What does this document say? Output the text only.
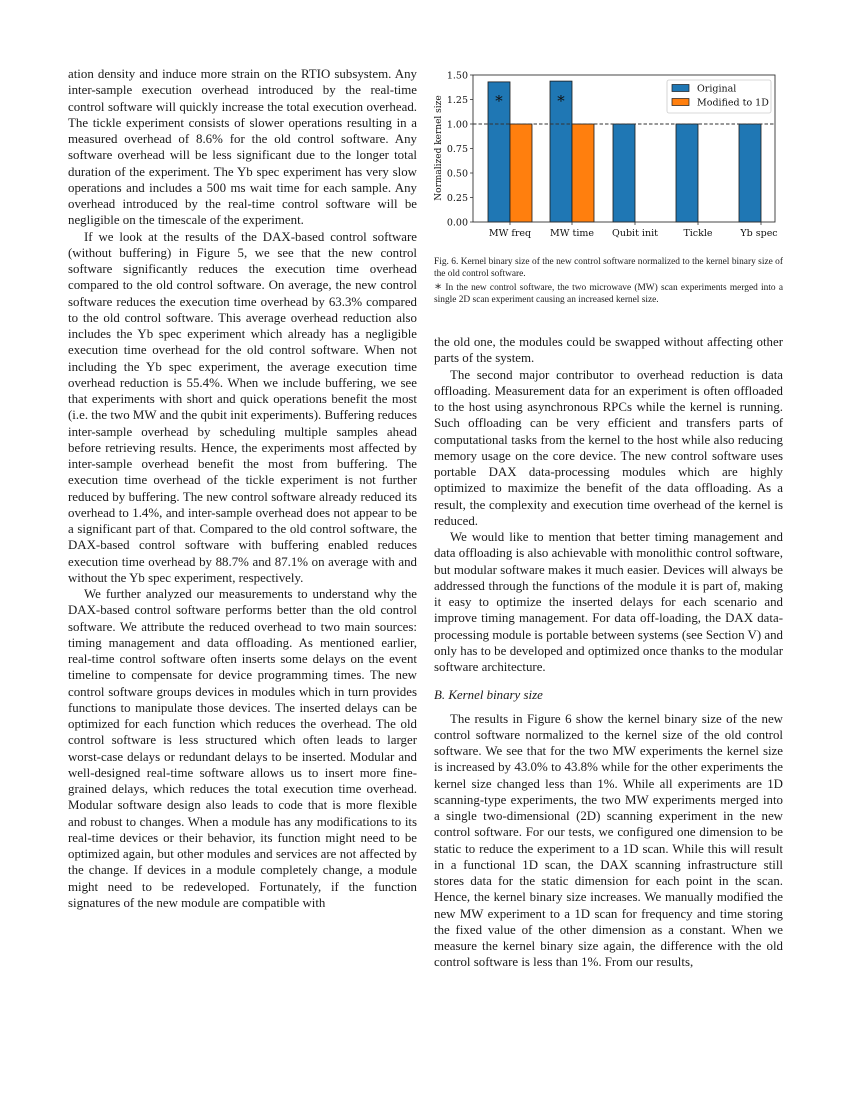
ation density and induce more strain on the RTIO subsystem. Any inter-sample execution overhead introduced by the real-time control software will quickly increase the total execution overhead. The tickle experiment consists of slower operations resulting in a measured overhead of 8.6% for the old control software. Any software overhead will be less significant due to the longer total duration of the experiment. The Yb spec experiment has very slow operations and includes a 500 ms wait time for each sample. Any overhead introduced by the real-time control software will be negligible on the timescale of the experiment.

If we look at the results of the DAX-based control software (without buffering) in Figure 5, we see that the new control software significantly reduces the execution time overhead compared to the old control software. On average, the new control software reduces the execution time overhead by 63.3% compared to the old control software. This average overhead reduction also includes the Yb spec experiment which already has a negligible execution time overhead for the old control software. When not including the Yb spec experiment, the average execution time overhead reduction is 55.4%. When we include buffering, we see that experiments with short and quick operations benefit the most (i.e. the two MW and the qubit init experiments). Buffering reduces inter-sample overhead by scheduling multiple samples ahead before retrieving results. Hence, the experiments most affected by inter-sample overhead benefit the most from buffering. The execution time overhead of the tickle experiment is not further reduced by buffering. The new control software already reduced its overhead to 1.4%, and inter-sample overhead does not appear to be a significant part of that. Compared to the old control software, the DAX-based control software with buffering enabled reduces execution time overhead by 88.7% and 87.1% on average with and without the Yb spec experiment, respectively.

We further analyzed our measurements to understand why the DAX-based control software performs better than the old control software. We attribute the reduced overhead to two main sources: timing management and data offloading. As mentioned earlier, real-time control software often inserts some delays on the event timeline to compensate for device programming times. The new control software groups devices in modules which in turn provides functions to manipulate those devices. The inserted delays can be optimized for each function which reduces the overhead. The old control software is less structured which often leads to larger worst-case delays or redundant delays to be inserted. Modular and well-designed real-time software allows us to insert more fine-grained delays, which reduces the total execution time overhead. Modular software design also leads to code that is more flexible and robust to changes. When a module has any modifications to its real-time devices or their behavior, its function might need to be optimized again, but other modules and services are not affected by the change. If devices in a module completely change, a module might need to be redeveloped. Fortunately, if the function signatures of the new module are compatible with

Normalized kernel size
0.00
0.25
0.50
0.75
1.00
1.25
1.50
∗	∗
MW freq MW time Qubit init	Tickle	Yb spec
Original
Modified to 1D

Fig. 6. Kernel binary size of the new control software normalized to the kernel binary size of the old control software.

∗ In the new control software, the two microwave (MW) scan experiments merged into a single 2D scan experiment causing an increased kernel size.

the old one, the modules could be swapped without affecting other parts of the system.

The second major contributor to overhead reduction is data offloading. Measurement data for an experiment is often offloaded to the host using asynchronous RPCs while the kernel is running. Such offloading can be very efficient and transfers parts of computational tasks from the kernel to the host while also reducing memory usage on the core device. The new control software uses portable DAX data-processing modules which are highly optimized to maximize the benefit of the data offloading. As a result, the complexity and execution time overhead of the kernel is reduced.

We would like to mention that better timing management and data offloading is also achievable with monolithic control software, but modular software makes it much easier. Devices will always be addressed through the functions of the module it is part of, making it easy to optimize the inserted delays for each scenario and improve timing management. For data off-loading, the DAX data-processing module is portable between systems (see Section V) and only has to be developed and optimized once thanks to the modular software architecture.

B. Kernel binary size

The results in Figure 6 show the kernel binary size of the new control software normalized to the kernel size of the old control software. We see that for the two MW experiments the kernel size is increased by 43.0% to 43.8% while for the other experiments the kernel size changed less than 1%. While all experiments are 1D scanning-type experiments, the two MW experiments merged into a single two-dimensional (2D) scanning experiment in the new control software. For our tests, we configured one dimension to be static to reduce the experiment to a 1D scan. While this will result in a functional 1D scan, the DAX scanning infrastructure still stores data for the static dimension for each point in the scan. Hence, the kernel binary size increases. We manually modified the new MW experiment to a 1D scan for frequency and time storing the fixed value of the other dimension as a constant. When we measure the kernel binary size again, the difference with the old control software is less than 1%. From our results,
